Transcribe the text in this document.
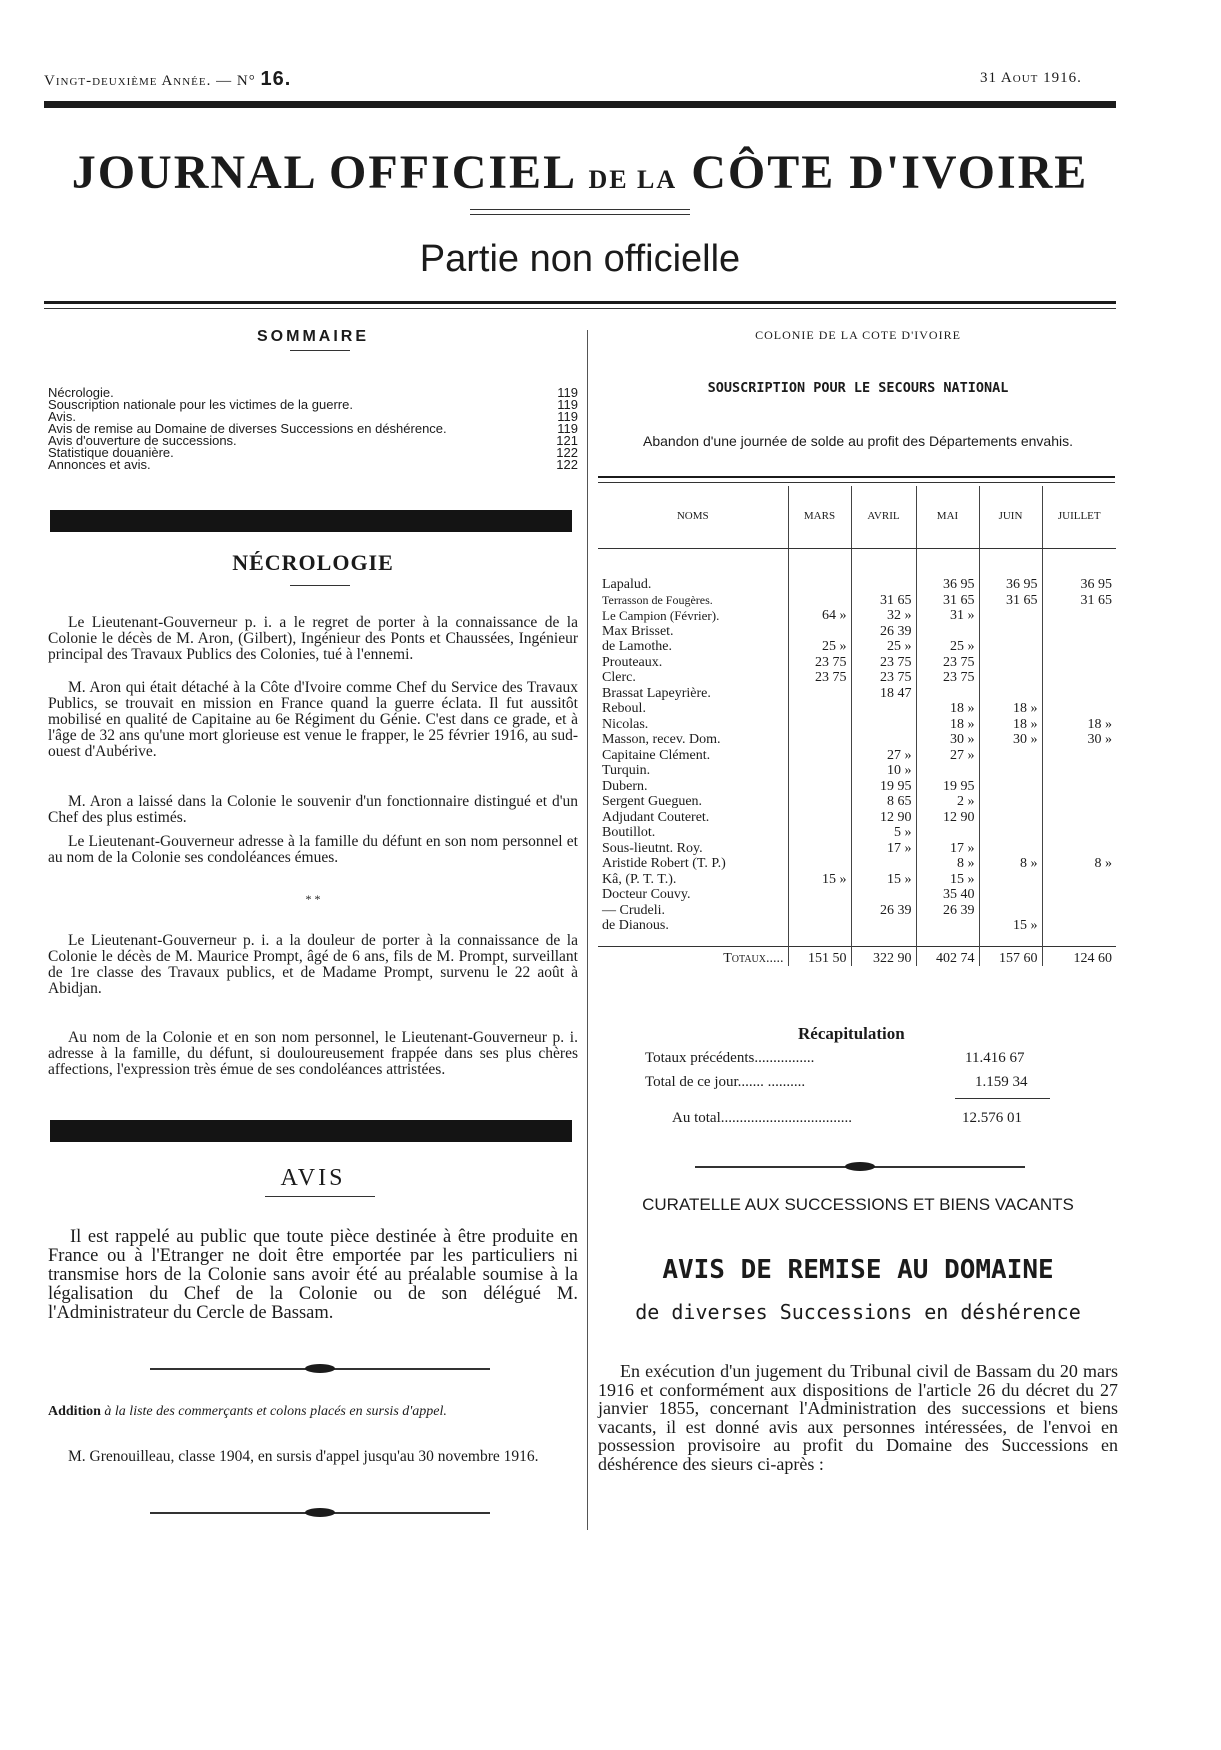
Vingt-deuxième Année. — N° 16.	31 Aout 1916.
JOURNAL OFFICIEL DE LA CÔTE D'IVOIRE
Partie non officielle
SOMMAIRE
Nécrologie.	119
Souscription nationale pour les victimes de la guerre.	119
Avis.	119
Avis de remise au Domaine de diverses Successions en déshérence.	119
Avis d'ouverture de successions.	121
Statistique douanière.	122
Annonces et avis.	122
NÉCROLOGIE
Le Lieutenant-Gouverneur p. i. a le regret de porter à la connaissance de la Colonie le décès de M. Aron, (Gilbert), Ingénieur des Ponts et Chaussées, Ingénieur principal des Travaux Publics des Colonies, tué à l'ennemi.
M. Aron qui était détaché à la Côte d'Ivoire comme Chef du Service des Travaux Publics, se trouvait en mission en France quand la guerre éclata. Il fut aussitôt mobilisé en qualité de Capitaine au 6e Régiment du Génie. C'est dans ce grade, et à l'âge de 32 ans qu'une mort glorieuse est venue le frapper, le 25 février 1916, au sud-ouest d'Aubérive.
M. Aron a laissé dans la Colonie le souvenir d'un fonctionnaire distingué et d'un Chef des plus estimés.
Le Lieutenant-Gouverneur adresse à la famille du défunt en son nom personnel et au nom de la Colonie ses condoléances émues.
* *
Le Lieutenant-Gouverneur p. i. a la douleur de porter à la connaissance de la Colonie le décès de M. Maurice Prompt, âgé de 6 ans, fils de M. Prompt, surveillant de 1re classe des Travaux publics, et de Madame Prompt, survenu le 22 août à Abidjan.
Au nom de la Colonie et en son nom personnel, le Lieutenant-Gouverneur p. i. adresse à la famille, du défunt, si douloureusement frappée dans ses plus chères affections, l'expression très émue de ses condoléances attristées.
AVIS
Il est rappelé au public que toute pièce destinée à être produite en France ou à l'Etranger ne doit être emportée par les particuliers ni transmise hors de la Colonie sans avoir été au préalable soumise à la légalisation du Chef de la Colonie ou de son délégué M. l'Administrateur du Cercle de Bassam.
Addition à la liste des commerçants et colons placés en sursis d'appel.
M. Grenouilleau, classe 1904, en sursis d'appel jusqu'au 30 novembre 1916.
COLONIE DE LA COTE D'IVOIRE
SOUSCRIPTION POUR LE SECOURS NATIONAL
Abandon d'une journée de solde au profit des Départements envahis.
NOMS	MARS	AVRIL	MAI	JUIN	JUILLET
Lapalud.			36 95	36 95	36 95
Terrasson de Fougères.		31 65	31 65	31 65	31 65
Le Campion (Février).	64 »	32 »	31 »		
Max Brisset.		26 39			
de Lamothe.	25 »	25 »	25 »		
Prouteaux.	23 75	23 75	23 75		
Clerc.	23 75	23 75	23 75		
Brassat Lapeyrière.		18 47			
Reboul.			18 »	18 »	
Nicolas.			18 »	18 »	18 »
Masson, recev. Dom.			30 »	30 »	30 »
Capitaine Clément.		27 »	27 »		
Turquin.		10 »			
Dubern.		19 95	19 95		
Sergent Gueguen.		8 65	2 »		
Adjudant Couteret.		12 90	12 90		
Boutillot.		5 »			
Sous-lieutnt. Roy.		17 »	17 »		
Aristide Robert (T. P.)			8 »	8 »	8 »
Kâ, (P. T. T.).	15 »	15 »	15 »		
Docteur Couvy.			35 40		
— Crudeli.		26 39	26 39		
de Dianous.				15 »	

Totaux.....	151 50	322 90	402 74	157 60	124 60
Récapitulation
Totaux précédents................	11.416 67
Total de ce jour....... ..........	1.159 34
Au total...................................	12.576 01
CURATELLE AUX SUCCESSIONS ET BIENS VACANTS
AVIS DE REMISE AU DOMAINE
de diverses Successions en déshérence
En exécution d'un jugement du Tribunal civil de Bassam du 20 mars 1916 et conformément aux dispositions de l'article 26 du décret du 27 janvier 1855, concernant l'Administration des successions et biens vacants, il est donné avis aux personnes intéressées, de l'envoi en possession provisoire au profit du Domaine des Successions en déshérence des sieurs ci-après :
